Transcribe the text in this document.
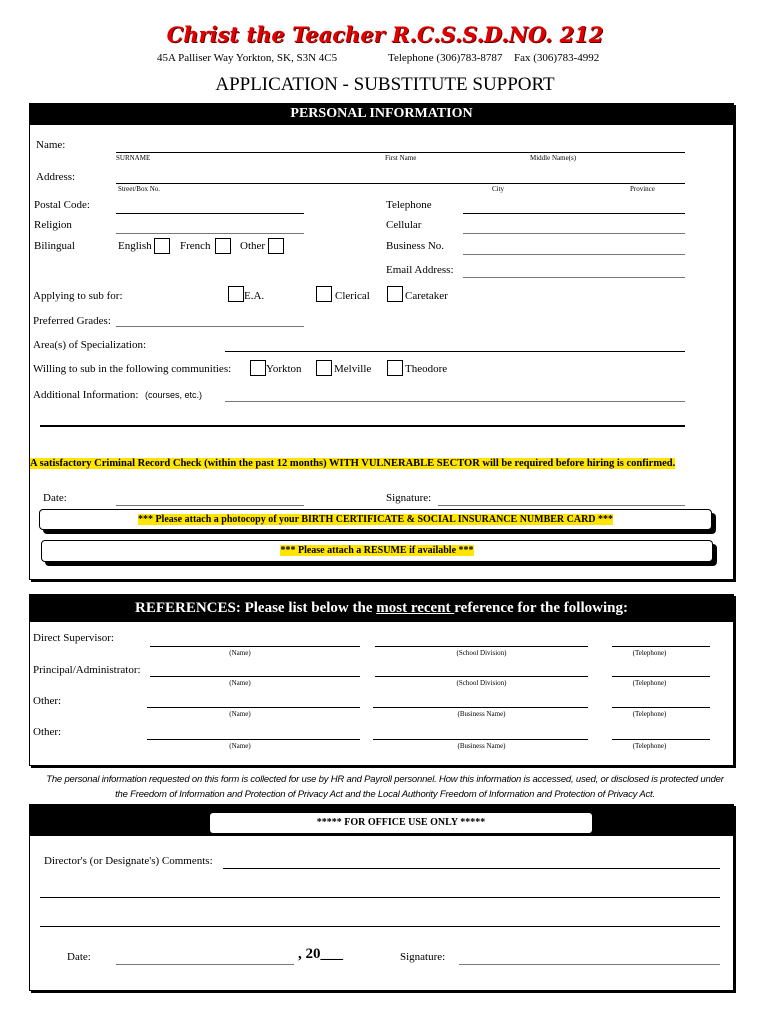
Christ the Teacher R.C.S.S.D.NO. 212
45A Palliser Way Yorkton, SK, S3N 4C5	Telephone (306)783-8787 Fax (306)783-4992
APPLICATION - SUBSTITUTE SUPPORT
PERSONAL INFORMATION
Name:
SURNAME	First Name	Middle Name(s)
Address:
Street/Box No.	City	Province
Postal Code:	Telephone
Religion	Cellular
Bilingual	English	French	Other	Business No.
Email Address:
Applying to sub for:	E.A.	Clerical	Caretaker
Preferred Grades:
Area(s) of Specialization:
Willing to sub in the following communities:	Yorkton	Melville	Theodore
Additional Information: (courses, etc.)
A satisfactory Criminal Record Check (within the past 12 months) WITH VULNERABLE SECTOR will be required before hiring is confirmed.
Date:	Signature:
*** Please attach a photocopy of your BIRTH CERTIFICATE & SOCIAL INSURANCE NUMBER CARD ***
*** Please attach a RESUME if available ***
REFERENCES: Please list below the most recent reference for the following:
Direct Supervisor:
(Name)	(School Division)	(Telephone)
Principal/Administrator:
(Name)	(School Division)	(Telephone)
Other:
(Name)	(Business Name)	(Telephone)
Other:
(Name)	(Business Name)	(Telephone)
The personal information requested on this form is collected for use by HR and Payroll personnel. How this information is accessed, used, or disclosed is protected under
the Freedom of Information and Protection of Privacy Act and the Local Authority Freedom of Information and Protection of Privacy Act.
***** FOR OFFICE USE ONLY *****
Director's (or Designate's) Comments:
Date:	, 20___	Signature:
